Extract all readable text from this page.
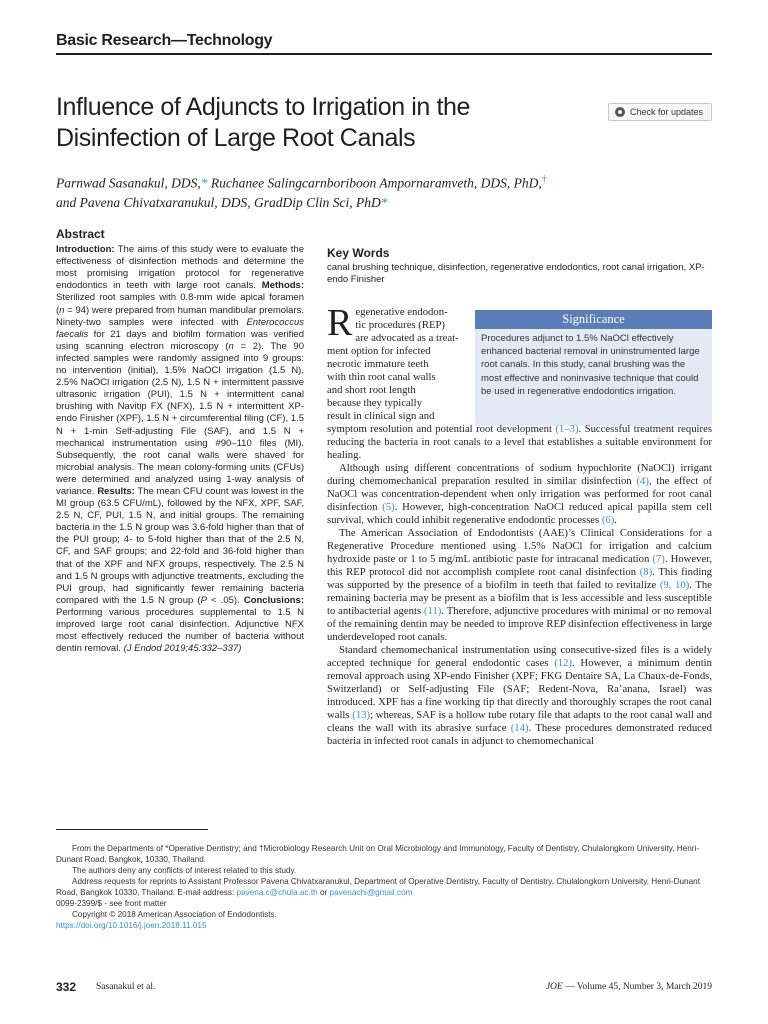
Basic Research—Technology
Influence of Adjuncts to Irrigation in the Disinfection of Large Root Canals
Check for updates
Parnwad Sasanakul, DDS,* Ruchanee Salingcarnboriboon Ampornaramveth, DDS, PhD,†
and Pavena Chivatxaranukul, DDS, GradDip Clin Sci, PhD*
Abstract
Introduction: The aims of this study were to evaluate the effectiveness of disinfection methods and determine the most promising irrigation protocol for regenerative endodontics in teeth with large root canals. Methods: Sterilized root samples with 0.8-mm wide apical foramen (n = 94) were prepared from human mandibular premolars. Ninety-two samples were infected with Enterococcus faecalis for 21 days and biofilm formation was verified using scanning electron microscopy (n = 2). The 90 infected samples were randomly assigned into 9 groups: no intervention (initial), 1.5% NaOCl irrigation (1.5 N), 2.5% NaOCl irrigation (2.5 N), 1.5 N + intermittent passive ultrasonic irrigation (PUI), 1.5 N + intermittent canal brushing with Navitip FX (NFX), 1.5 N + intermittent XP-endo Finisher (XPF), 1.5 N + circumferential filing (CF), 1.5 N + 1-min Self-adjusting File (SAF), and 1.5 N + mechanical instrumentation using #90–110 files (MI). Subsequently, the root canal walls were shaved for microbial analysis. The mean colony-forming units (CFUs) were determined and analyzed using 1-way analysis of variance. Results: The mean CFU count was lowest in the MI group (63.5 CFU/mL), followed by the NFX, XPF, SAF, 2.5 N, CF, PUI, 1.5 N, and initial groups. The remaining bacteria in the 1.5 N group was 3.6-fold higher than that of the PUI group; 4- to 5-fold higher than that of the 2.5 N, CF, and SAF groups; and 22-fold and 36-fold higher than that of the XPF and NFX groups, respectively. The 2.5 N and 1.5 N groups with adjunctive treatments, excluding the PUI group, had significantly fewer remaining bacteria compared with the 1.5 N group (P < .05). Conclusions: Performing various procedures supplemental to 1.5 N improved large root canal disinfection. Adjunctive NFX most effectively reduced the number of bacteria without dentin removal. (J Endod 2019;45:332–337)
Key Words
canal brushing technique, disinfection, regenerative endodontics, root canal irrigation, XP-endo Finisher
Significance
Procedures adjunct to 1.5% NaOCl effectively enhanced bacterial removal in uninstrumented large root canals. In this study, canal brushing was the most effective and noninvasive technique that could be used in regenerative endodontics irrigation.
R egenerative endodon-
tic procedures (REP)
are advocated as a treat-
ment option for infected
necrotic immature teeth
with thin root canal walls
and short root length
because they typically
result in clinical sign and

symptom resolution and potential root development (1–3). Successful treatment requires reducing the bacteria in root canals to a level that establishes a suitable environment for healing.

Although using different concentrations of sodium hypochlorite (NaOCl) irrigant during chemomechanical preparation resulted in similar disinfection (4), the effect of NaOCl was concentration-dependent when only irrigation was performed for root canal disinfection (5). However, high-concentration NaOCl reduced apical papilla stem cell survival, which could inhibit regenerative endodontic processes (6).

The American Association of Endodontists (AAE)’s Clinical Considerations for a Regenerative Procedure mentioned using 1.5% NaOCl for irrigation and calcium hydroxide paste or 1 to 5 mg/mL antibiotic paste for intracanal medication (7). However, this REP protocol did not accomplish complete root canal disinfection (8). This finding was supported by the presence of a biofilm in teeth that failed to revitalize (9, 10). The remaining bacteria may be present as a biofilm that is less accessible and less susceptible to antibacterial agents (11). Therefore, adjunctive procedures with minimal or no removal of the remaining dentin may be needed to improve REP disinfection effectiveness in large underdeveloped root canals.

Standard chemomechanical instrumentation using consecutive-sized files is a widely accepted technique for general endodontic cases (12). However, a minimum dentin removal approach using XP-endo Finisher (XPF; FKG Dentaire SA, La Chaux-de-Fonds, Switzerland) or Self-adjusting File (SAF; Redent-Nova, Ra’anana, Israel) was introduced. XPF has a fine working tip that directly and thoroughly scrapes the root canal walls (13); whereas, SAF is a hollow tube rotary file that adapts to the root canal wall and cleans the wall with its abrasive surface (14). These procedures demonstrated reduced bacteria in infected root canals in adjunct to chemomechanical

From the Departments of *Operative Dentistry; and †Microbiology Research Unit on Oral Microbiology and Immunology, Faculty of Dentistry, Chulalongkorn University, Henri-Dunant Road, Bangkok, 10330, Thailand.
The authors deny any conflicts of interest related to this study.
Address requests for reprints to Assistant Professor Pavena Chivatxaranukul, Department of Operative Dentistry, Faculty of Dentistry, Chulalongkorn University, Henri-Dunant Road, Bangkok 10330, Thailand. E-mail address: pavena.c@chula.ac.th or pavenachi@gmail.com
0099-2399/$ - see front matter
Copyright © 2018 American Association of Endodontists.
https://doi.org/10.1016/j.joen.2018.11.015
332 Sasanakul et al.	JOE — Volume 45, Number 3, March 2019
